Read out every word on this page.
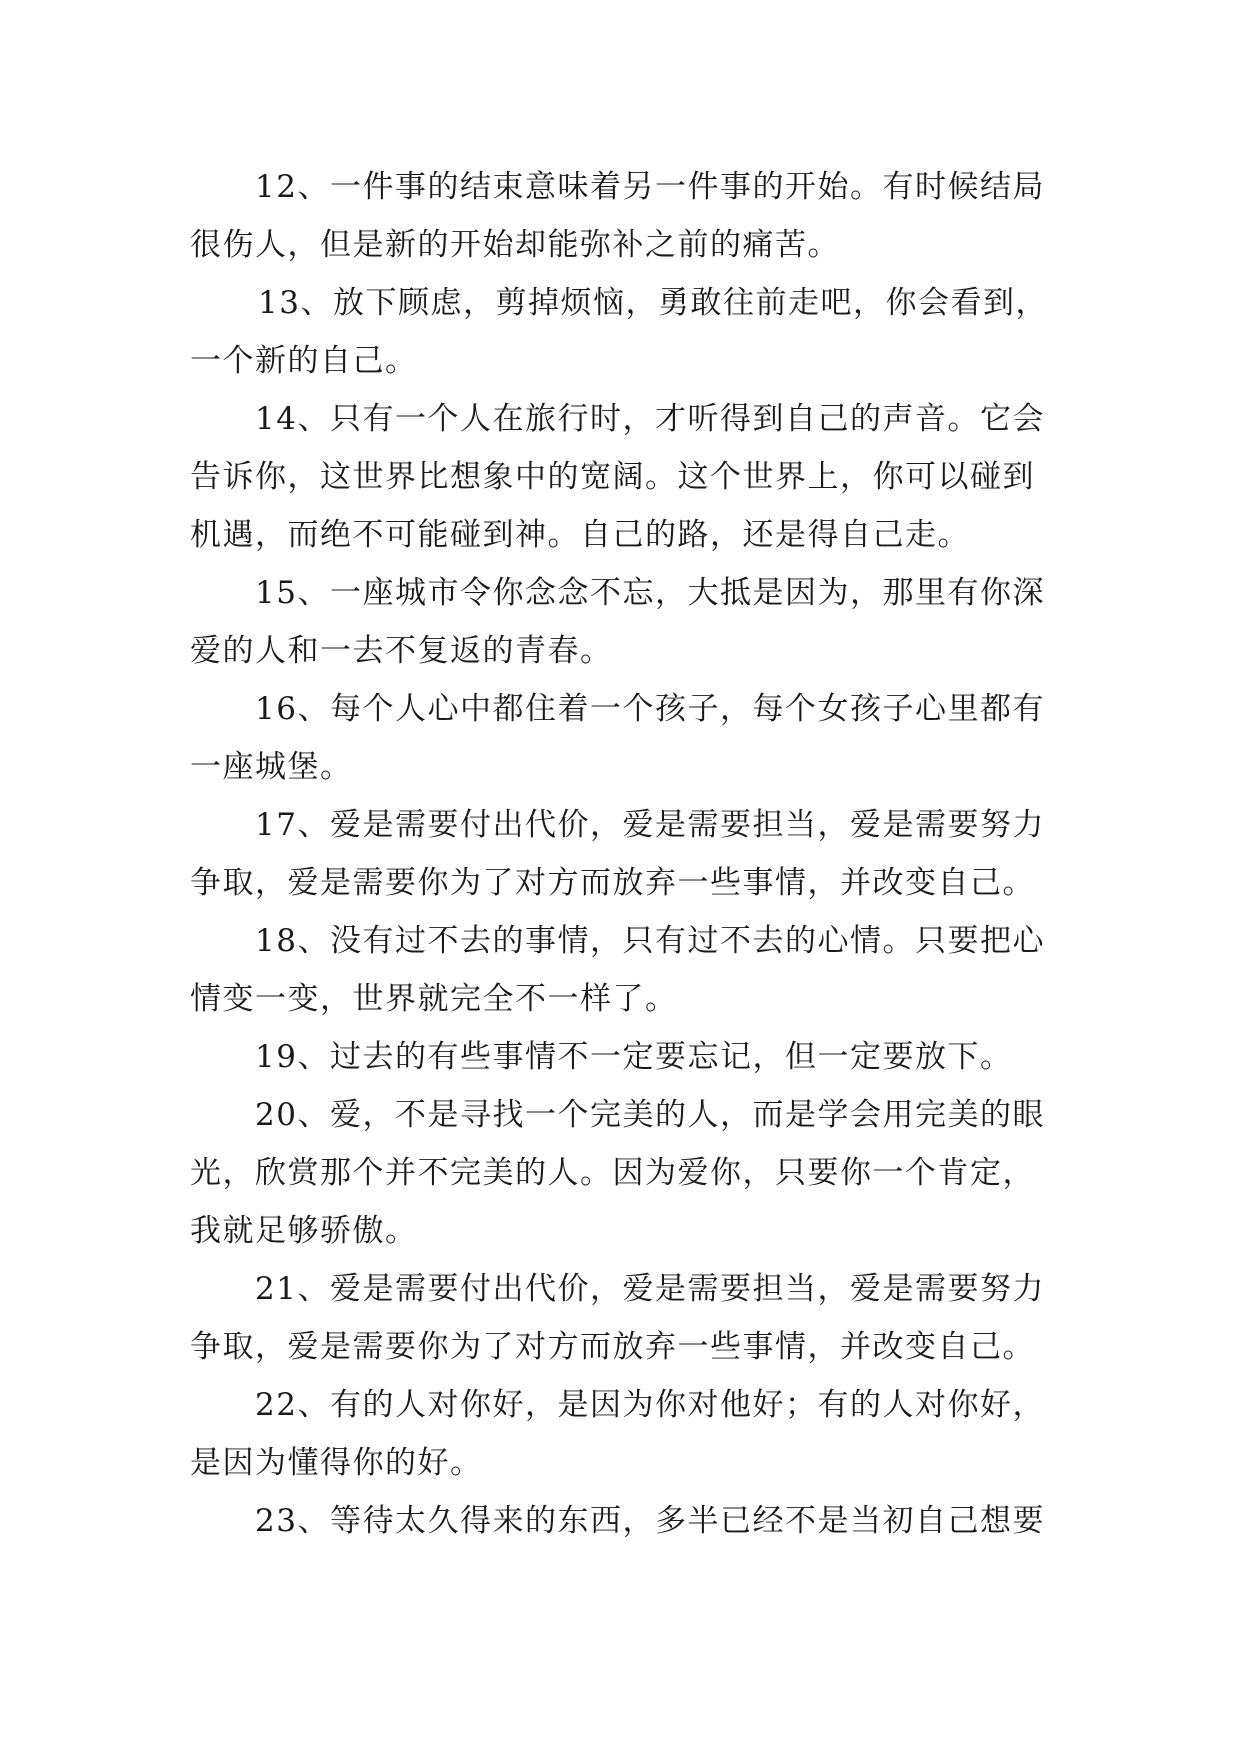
12、一件事的结束意味着另一件事的开始。有时候结局
很伤人，但是新的开始却能弥补之前的痛苦。
13、放下顾虑，剪掉烦恼，勇敢往前走吧，你会看到，
一个新的自己。
14、只有一个人在旅行时，才听得到自己的声音。它会
告诉你，这世界比想象中的宽阔。这个世界上，你可以碰到
机遇，而绝不可能碰到神。自己的路，还是得自己走。
15、一座城市令你念念不忘，大抵是因为，那里有你深
爱的人和一去不复返的青春。
16、每个人心中都住着一个孩子，每个女孩子心里都有
一座城堡。
17、爱是需要付出代价，爱是需要担当，爱是需要努力
争取，爱是需要你为了对方而放弃一些事情，并改变自己。
18、没有过不去的事情，只有过不去的心情。只要把心
情变一变，世界就完全不一样了。
19、过去的有些事情不一定要忘记，但一定要放下。
20、爱，不是寻找一个完美的人，而是学会用完美的眼
光，欣赏那个并不完美的人。因为爱你，只要你一个肯定，
我就足够骄傲。
21、爱是需要付出代价，爱是需要担当，爱是需要努力
争取，爱是需要你为了对方而放弃一些事情，并改变自己。
22、有的人对你好，是因为你对他好；有的人对你好，
是因为懂得你的好。
23、等待太久得来的东西，多半已经不是当初自己想要
